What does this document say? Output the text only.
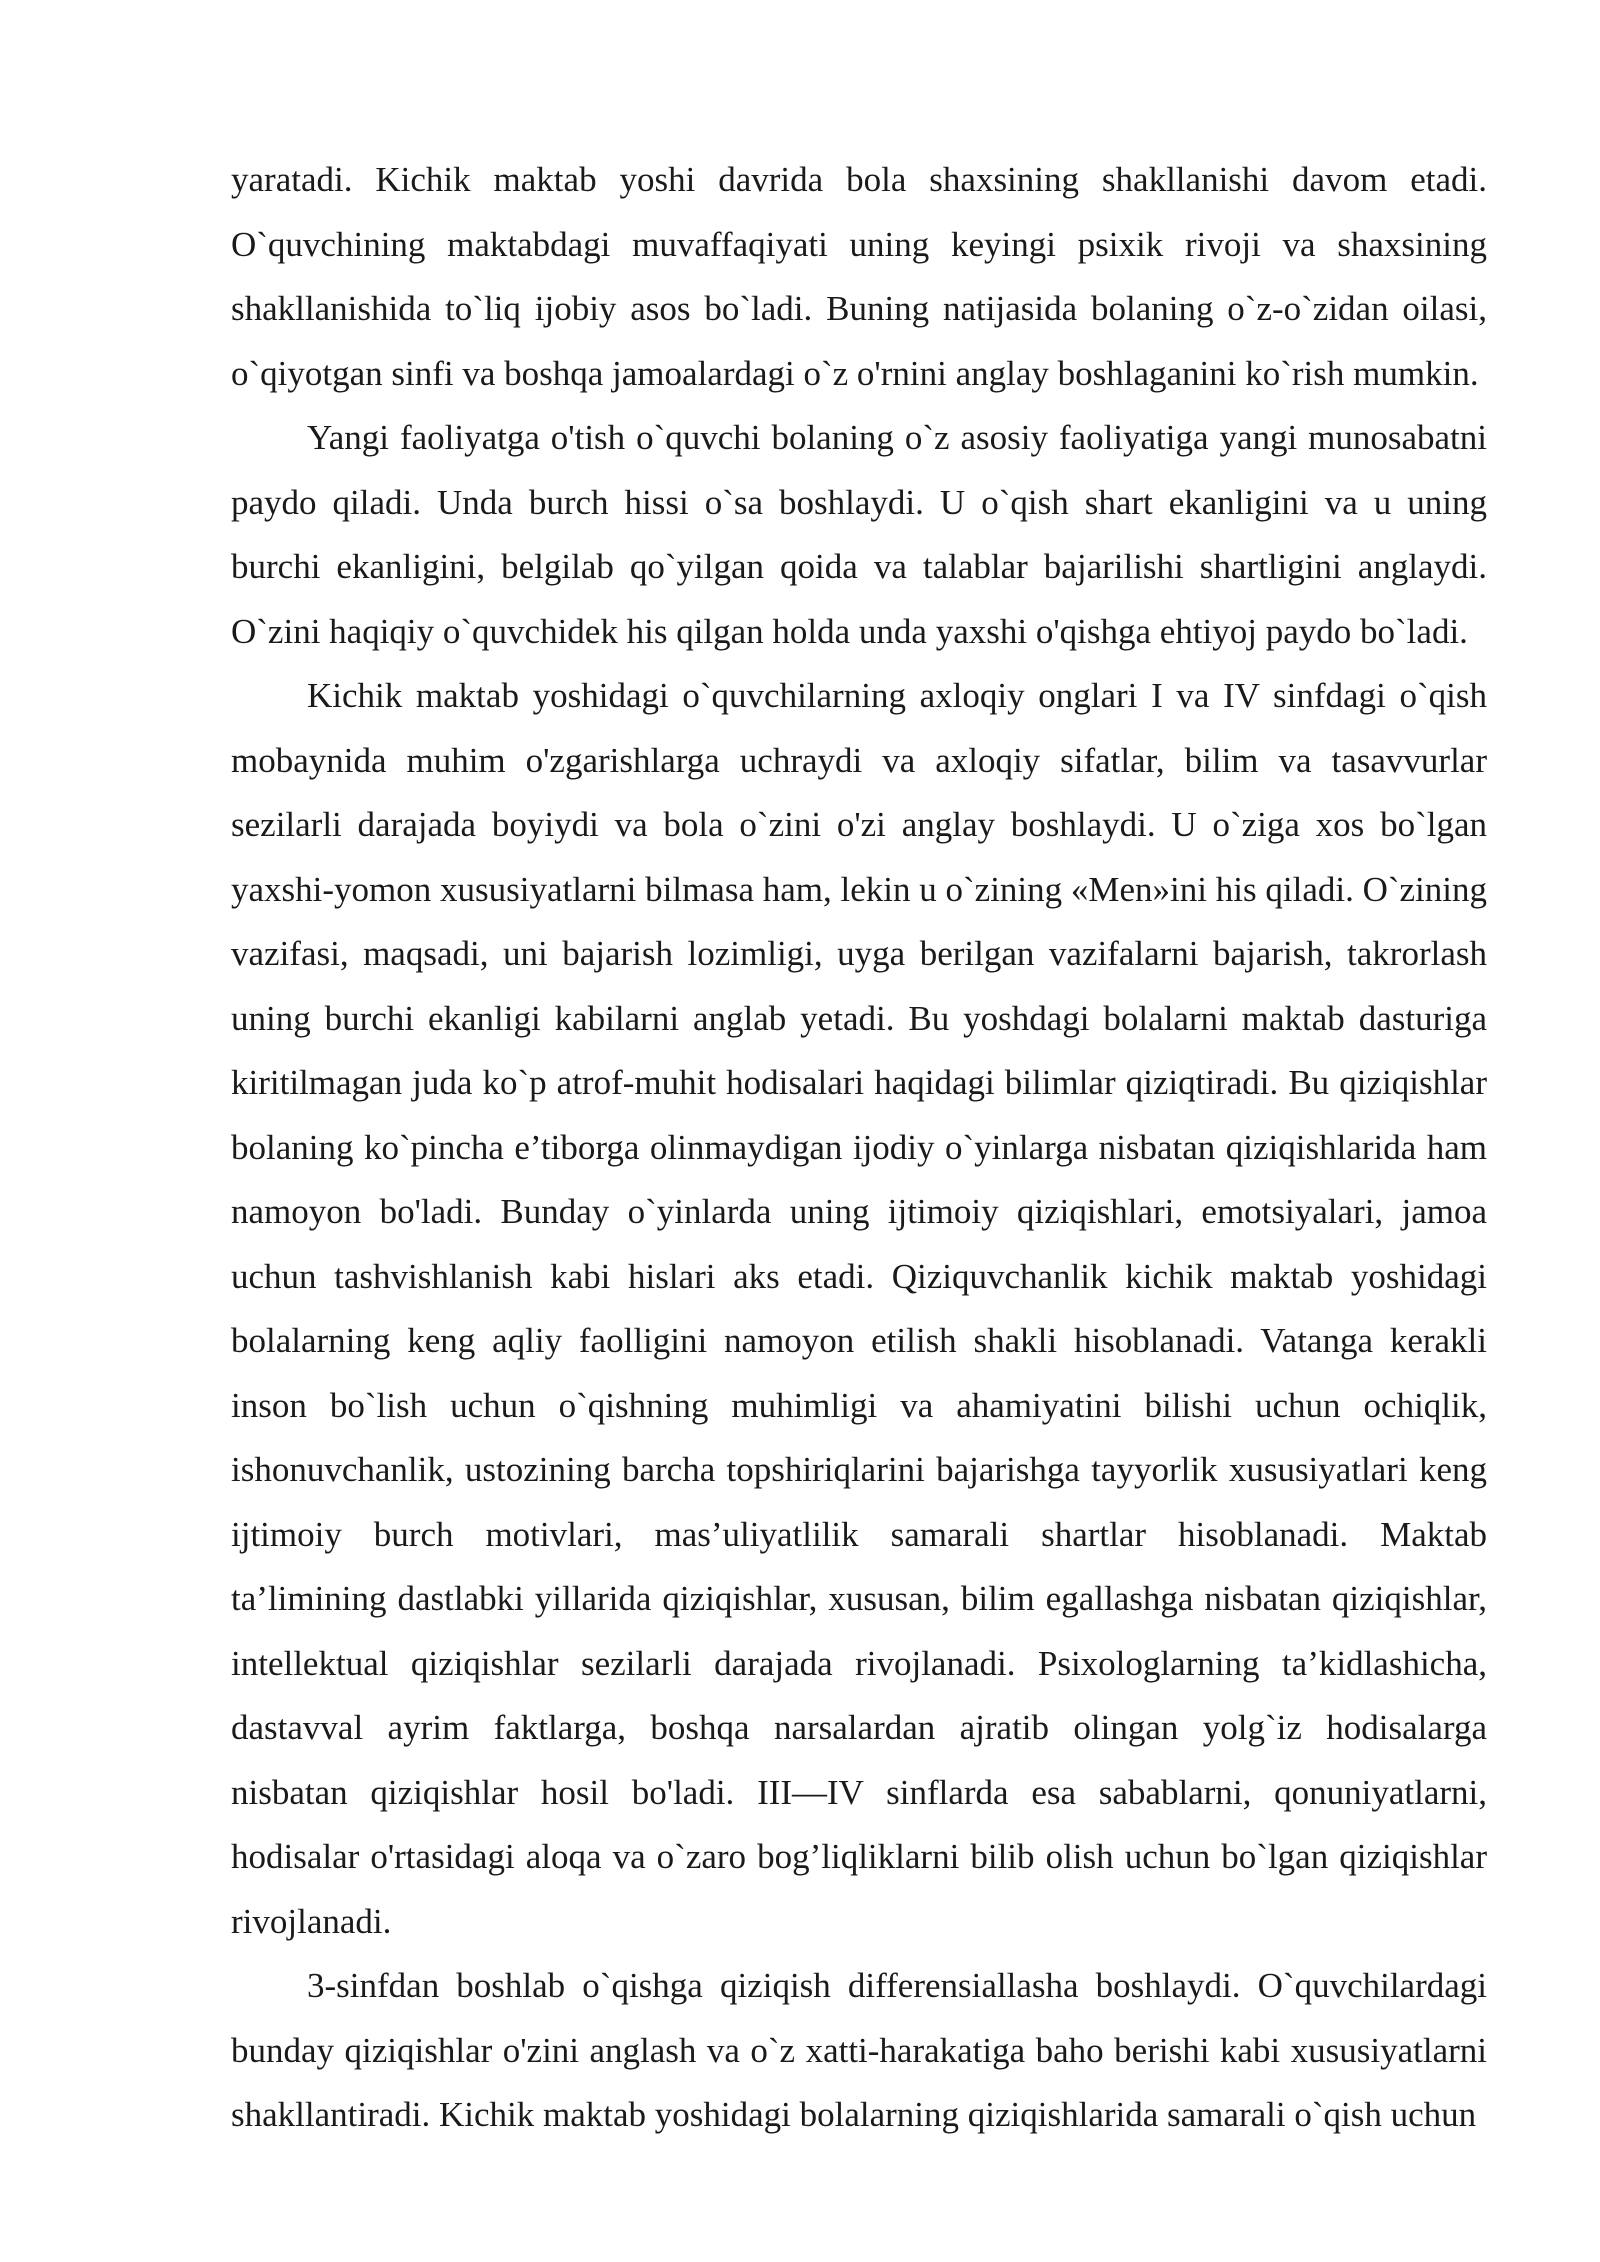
yaratadi. Kichik maktab yoshi davrida bola shaxsining shakllanishi davom etadi. O`quvchining maktabdagi muvaffaqiyati uning keyingi psixik rivoji va shaxsining shakllanishida to`liq ijobiy asos bo`ladi. Buning natijasida bolaning o`z-o`zidan oilasi, o`qiyotgan sinfi va boshqa jamoalardagi o`z o'rnini anglay boshlaganini ko`rish mumkin.

Yangi faoliyatga o'tish o`quvchi bolaning o`z asosiy faoliyatiga yangi munosabatni paydo qiladi. Unda burch hissi o`sa boshlaydi. U o`qish shart ekanligini va u uning burchi ekanligini, belgilab qo`yilgan qoida va talablar bajarilishi shartligini anglaydi. O`zini haqiqiy o`quvchidek his qilgan holda unda yaxshi o'qishga ehtiyoj paydo bo`ladi.

Kichik maktab yoshidagi o`quvchilarning axloqiy onglari I va IV sinfdagi o`qish mobaynida muhim o'zgarishlarga uchraydi va axloqiy sifatlar, bilim va tasavvurlar sezilarli darajada boyiydi va bola o`zini o'zi anglay boshlaydi. U o`ziga xos bo`lgan yaxshi-yomon xususiyatlarni bilmasa ham, lekin u o`zining «Men»ini his qiladi. O`zining vazifasi, maqsadi, uni bajarish lozimligi, uyga berilgan vazifalarni bajarish, takrorlash uning burchi ekanligi kabilarni anglab yetadi. Bu yoshdagi bolalarni maktab dasturiga kiritilmagan juda ko`p atrof-muhit hodisalari haqidagi bilimlar qiziqtiradi. Bu qiziqishlar bolaning ko`pincha e’tiborga olinmaydigan ijodiy o`yinlarga nisbatan qiziqishlarida ham namoyon bo'ladi. Bunday o`yinlarda uning ijtimoiy qiziqishlari, emotsiyalari, jamoa uchun tashvishlanish kabi hislari aks etadi. Qiziquvchanlik kichik maktab yoshidagi bolalarning keng aqliy faolligini namoyon etilish shakli hisoblanadi. Vatanga kerakli inson bo`lish uchun o`qishning muhimligi va ahamiyatini bilishi uchun ochiqlik, ishonuvchanlik, ustozining barcha topshiriqlarini bajarishga tayyorlik xususiyatlari keng ijtimoiy burch motivlari, mas’uliyatlilik samarali shartlar hisoblanadi. Maktab ta’limining dastlabki yillarida qiziqishlar, xususan, bilim egallashga nisbatan qiziqishlar, intellektual qiziqishlar sezilarli darajada rivojlanadi. Psixologlarning ta’kidlashicha, dastavval ayrim faktlarga, boshqa narsalardan ajratib olingan yolg`iz hodisalarga nisbatan qiziqishlar hosil bo'ladi. III—IV sinflarda esa sabablarni, qonuniyatlarni, hodisalar o'rtasidagi aloqa va o`zaro bog’liqliklarni bilib olish uchun bo`lgan qiziqishlar rivojlanadi.

3-sinfdan boshlab o`qishga qiziqish differensiallasha boshlaydi. O`quvchilardagi bunday qiziqishlar o'zini anglash va o`z xatti-harakatiga baho berishi kabi xususiyatlarni shakllantiradi. Kichik maktab yoshidagi bolalarning qiziqishlarida samarali o`qish uchun
